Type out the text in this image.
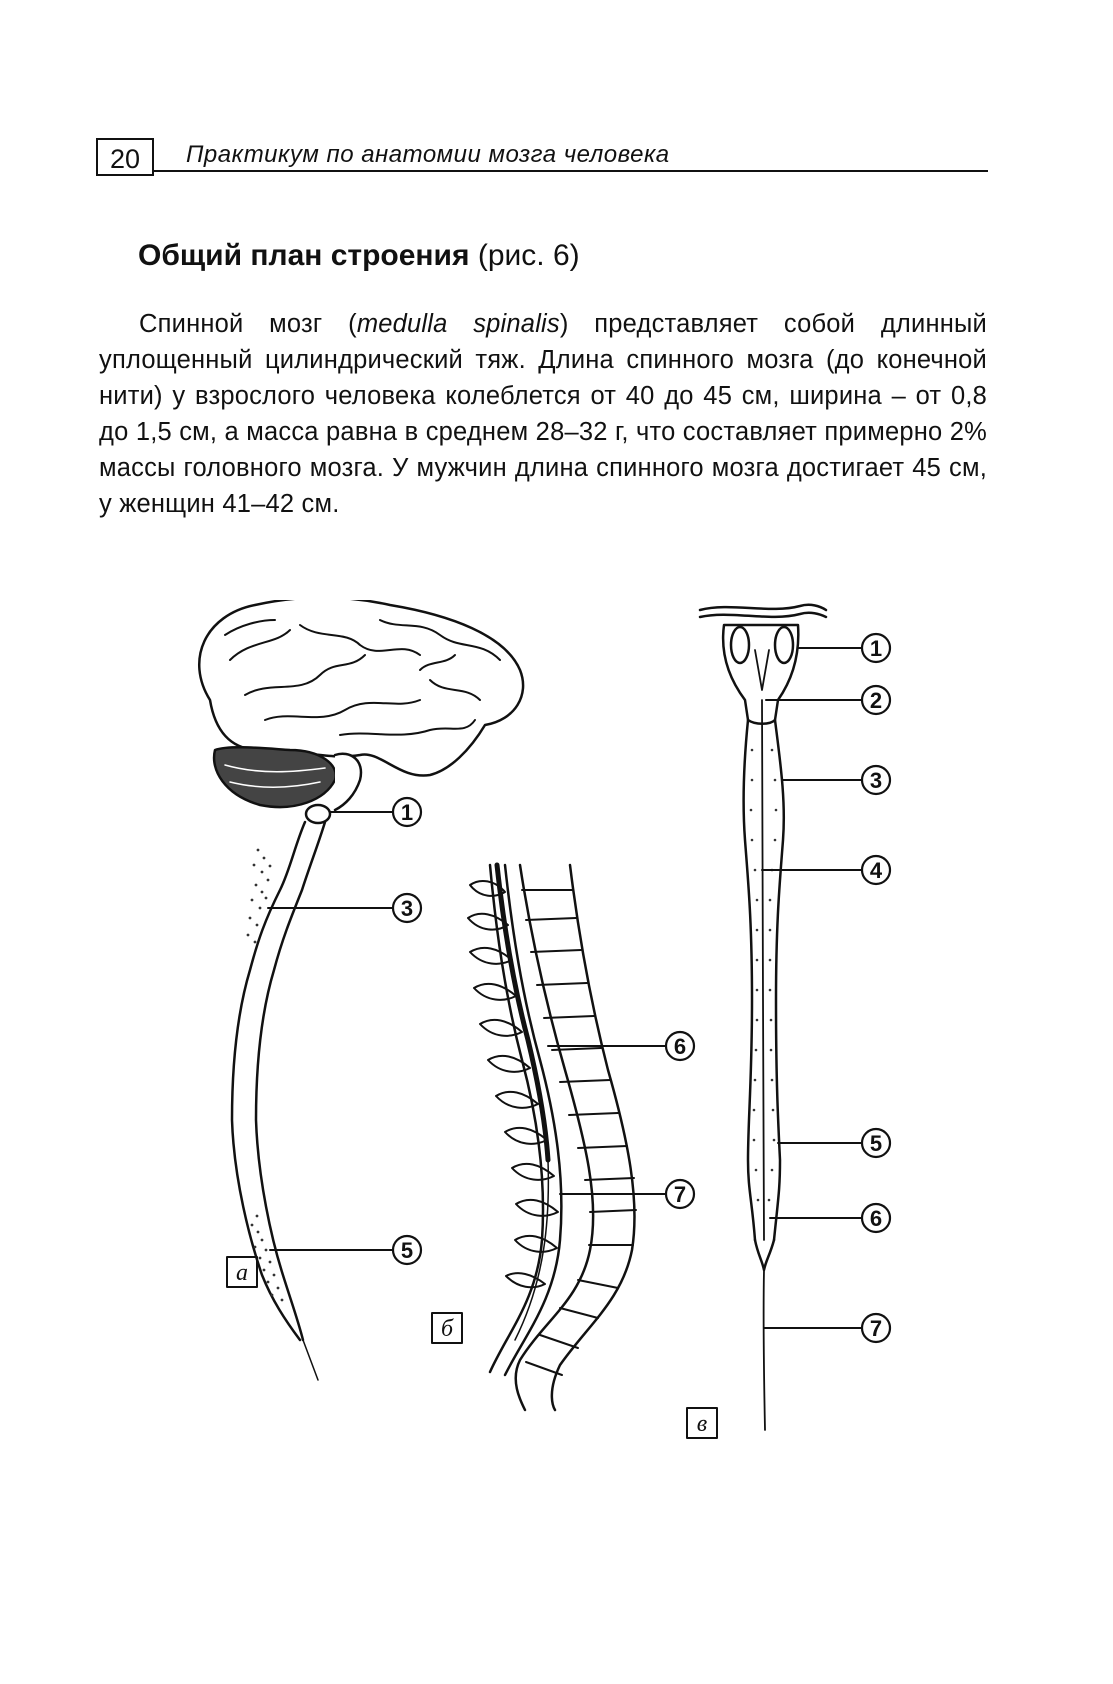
20	Практикум по анатомии мозга человека
Общий план строения (рис. 6)

Спинной мозг (medulla spinalis) представляет собой длинный уплощенный цилиндрический тяж. Длина спинного мозга (до конечной нити) у взрослого человека колеблется от 40 до 45 см, ширина – от 0,8 до 1,5 см, а масса равна в среднем 28–32 г, что составляет примерно 2% массы головного мозга. У мужчин длина спинного мозга достигает 45 см, у женщин 41–42 см.

1
3
5
6
7
1
2
3
4
5
6
7
а
б
в
